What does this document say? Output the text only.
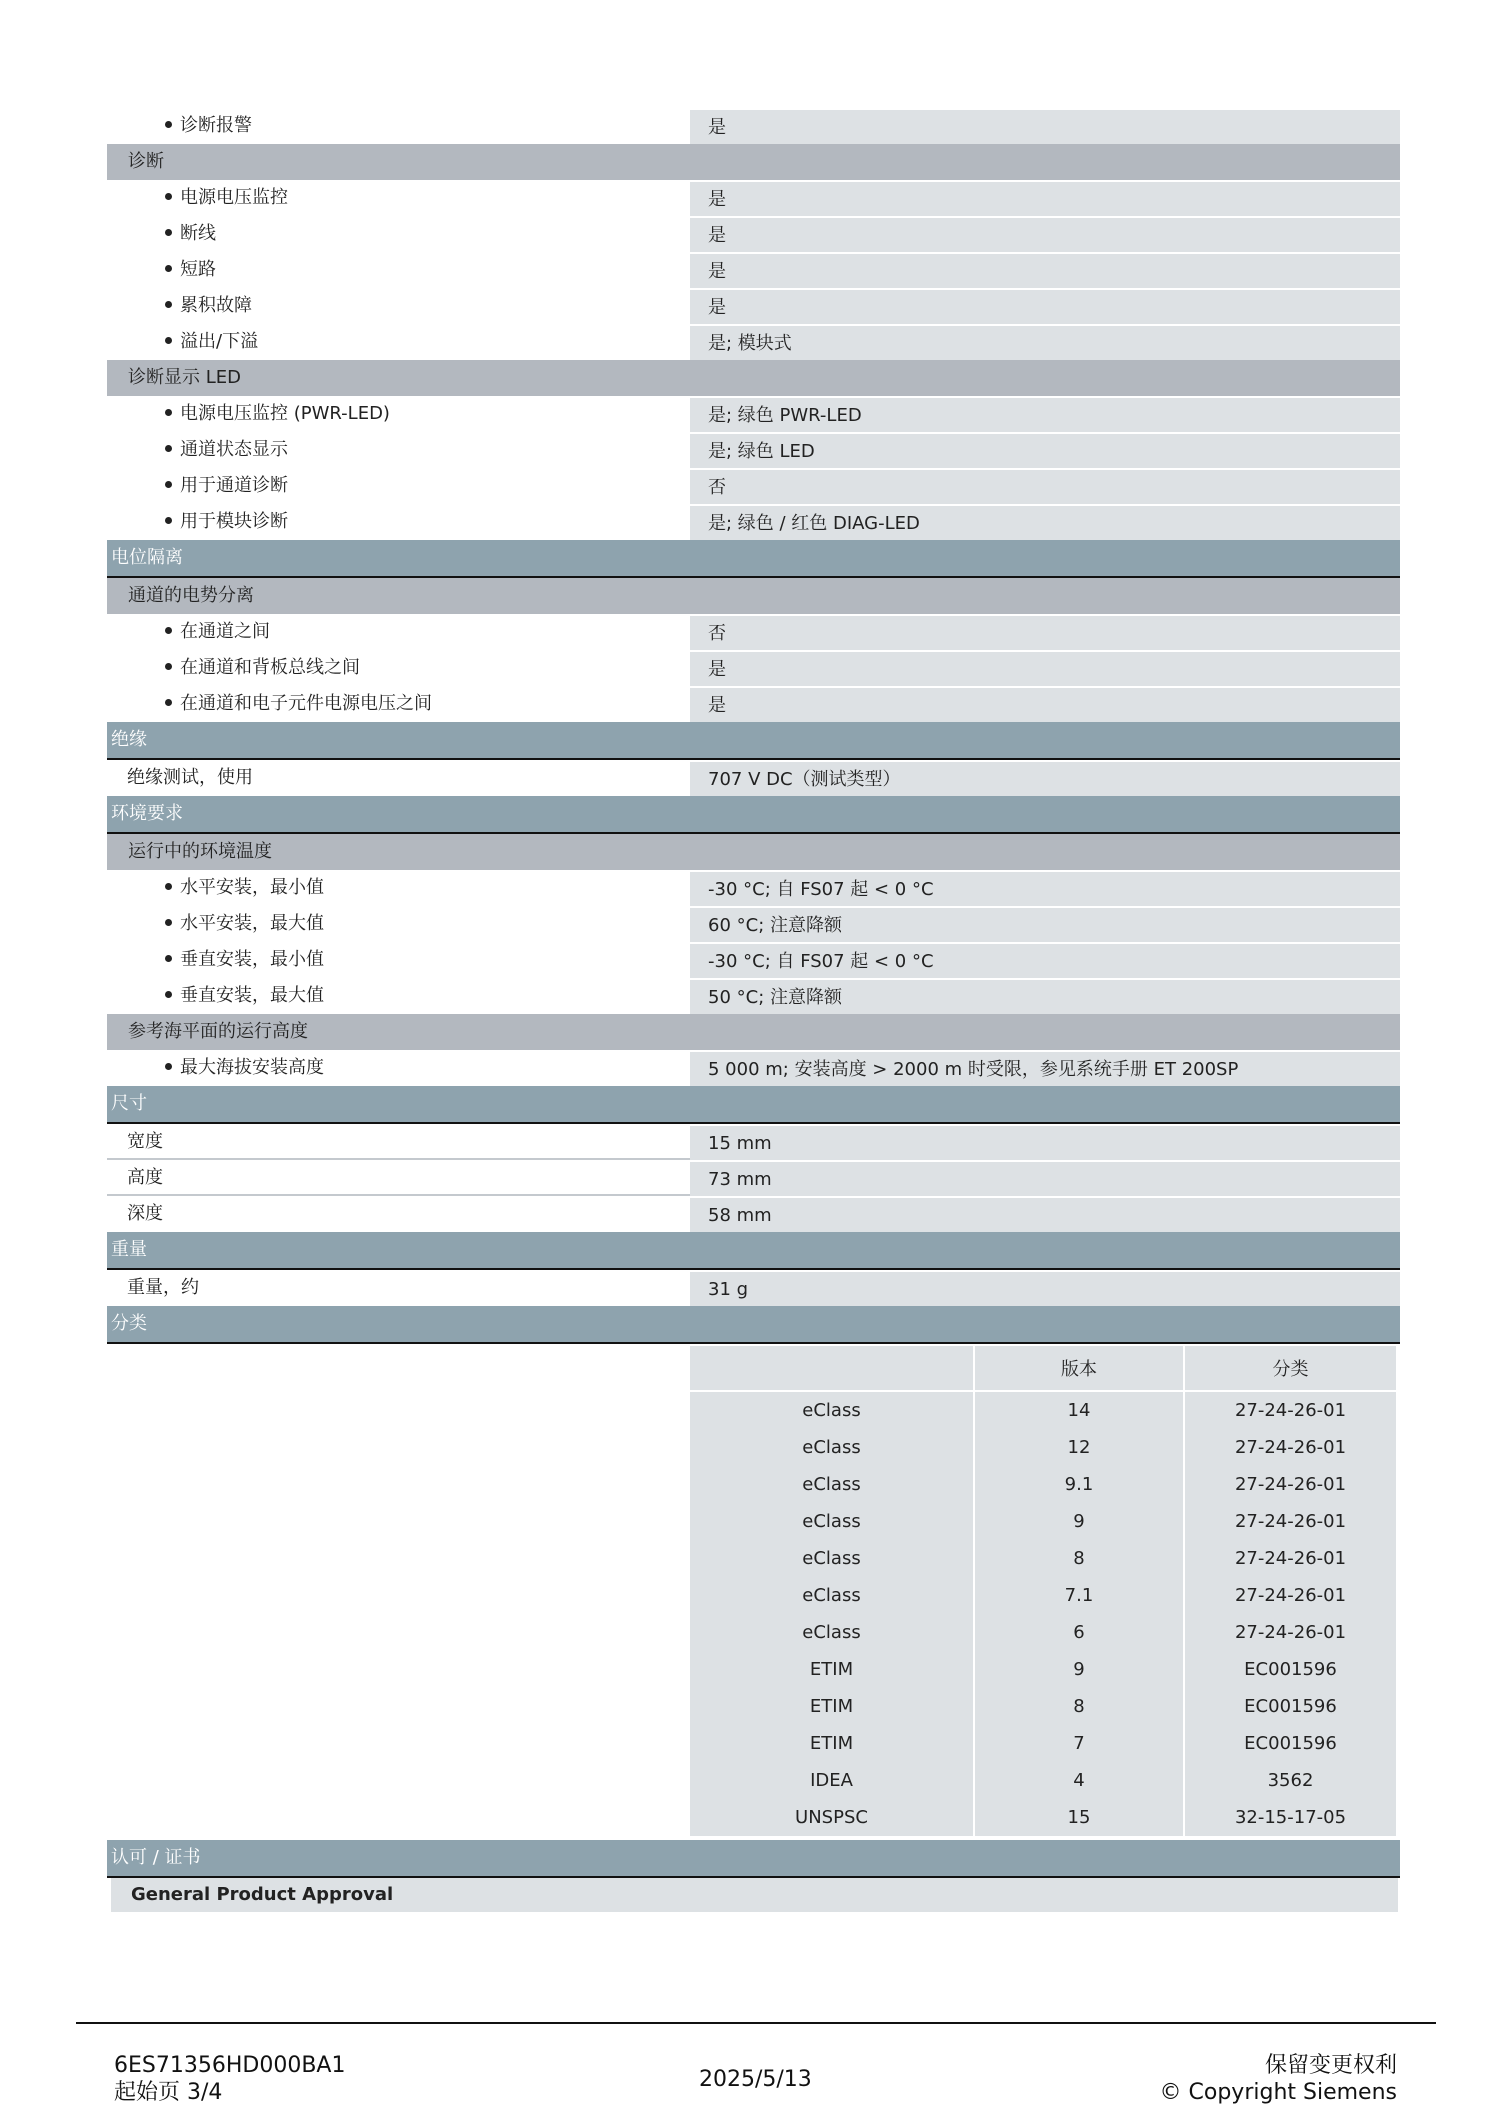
诊断报警	是
诊断
电源电压监控	是
断线	是
短路	是
累积故障	是
溢出/下溢	是; 模块式
诊断显示 LED
电源电压监控 (PWR-LED)	是; 绿色 PWR-LED
通道状态显示	是; 绿色 LED
用于通道诊断	否
用于模块诊断	是; 绿色 / 红色 DIAG-LED
电位隔离
通道的电势分离
在通道之间	否
在通道和背板总线之间	是
在通道和电子元件电源电压之间	是
绝缘
绝缘测试，使用	707 V DC（测试类型）
环境要求
运行中的环境温度
水平安装，最小值	-30 °C; 自 FS07 起 < 0 °C
水平安装，最大值	60 °C; 注意降额
垂直安装，最小值	-30 °C; 自 FS07 起 < 0 °C
垂直安装，最大值	50 °C; 注意降额
参考海平面的运行高度
最大海拔安装高度	5 000 m; 安装高度 > 2000 m 时受限，参见系统手册 ET 200SP
尺寸
宽度	15 mm
高度	73 mm
深度	58 mm
重量
重量，约	31 g
分类
	版本	分类
eClass	14	27-24-26-01
eClass	12	27-24-26-01
eClass	9.1	27-24-26-01
eClass	9	27-24-26-01
eClass	8	27-24-26-01
eClass	7.1	27-24-26-01
eClass	6	27-24-26-01
ETIM	9	EC001596
ETIM	8	EC001596
ETIM	7	EC001596
IDEA	4	3562
UNSPSC	15	32-15-17-05
认可 / 证书
General Product Approval
6ES71356HD000BA1
起始页 3/4
2025/5/13
保留变更权利
© Copyright Siemens
